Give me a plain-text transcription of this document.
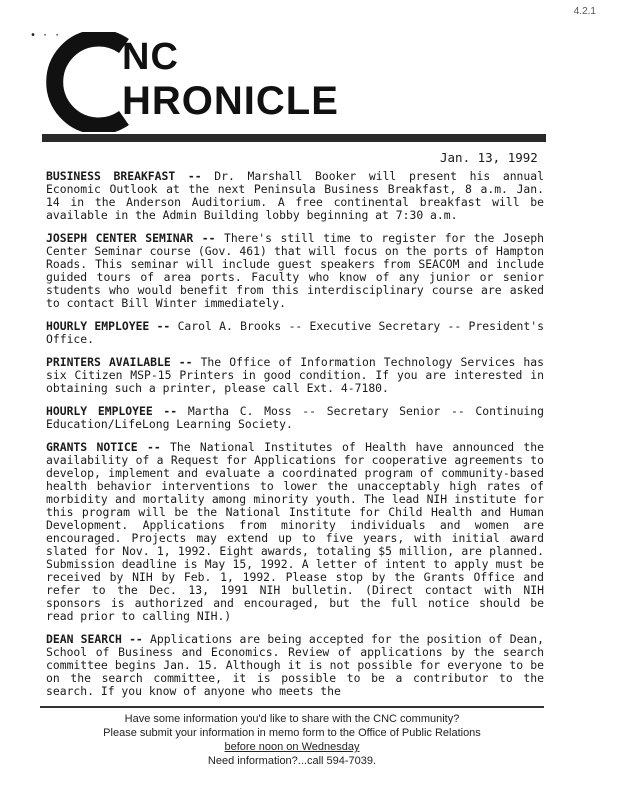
4.2.1
• · ·
NC
HRONICLE
Jan. 13, 1992

BUSINESS BREAKFAST -- Dr. Marshall Booker will present his annual Economic Outlook at the next Peninsula Business Breakfast, 8 a.m. Jan. 14 in the Anderson Auditorium. A free continental breakfast will be available in the Admin Building lobby beginning at 7:30 a.m.

JOSEPH CENTER SEMINAR -- There's still time to register for the Joseph Center Seminar course (Gov. 461) that will focus on the ports of Hampton Roads. This seminar will include guest speakers from SEACOM and include guided tours of area ports. Faculty who know of any junior or senior students who would benefit from this interdisciplinary course are asked to contact Bill Winter immediately.

HOURLY EMPLOYEE -- Carol A. Brooks -- Executive Secretary -- President's Office.

PRINTERS AVAILABLE -- The Office of Information Technology Services has six Citizen MSP-15 Printers in good condition. If you are interested in obtaining such a printer, please call Ext. 4-7180.

HOURLY EMPLOYEE -- Martha C. Moss -- Secretary Senior -- Continuing Education/LifeLong Learning Society.

GRANTS NOTICE -- The National Institutes of Health have announced the availability of a Request for Applications for cooperative agreements to develop, implement and evaluate a coordinated program of community-based health behavior interventions to lower the unacceptably high rates of morbidity and mortality among minority youth. The lead NIH institute for this program will be the National Institute for Child Health and Human Development. Applications from minority individuals and women are encouraged. Projects may extend up to five years, with initial award slated for Nov. 1, 1992. Eight awards, totaling $5 million, are planned. Submission deadline is May 15, 1992. A letter of intent to apply must be received by NIH by Feb. 1, 1992. Please stop by the Grants Office and refer to the Dec. 13, 1991 NIH bulletin. (Direct contact with NIH sponsors is authorized and encouraged, but the full notice should be read prior to calling NIH.)

DEAN SEARCH -- Applications are being accepted for the position of Dean, School of Business and Economics. Review of applications by the search committee begins Jan. 15. Although it is not possible for everyone to be on the search committee, it is possible to be a contributor to the search. If you know of anyone who meets the

Have some information you'd like to share with the CNC community?
Please submit your information in memo form to the Office of Public Relations
before noon on Wednesday
Need information?...call 594-7039.
